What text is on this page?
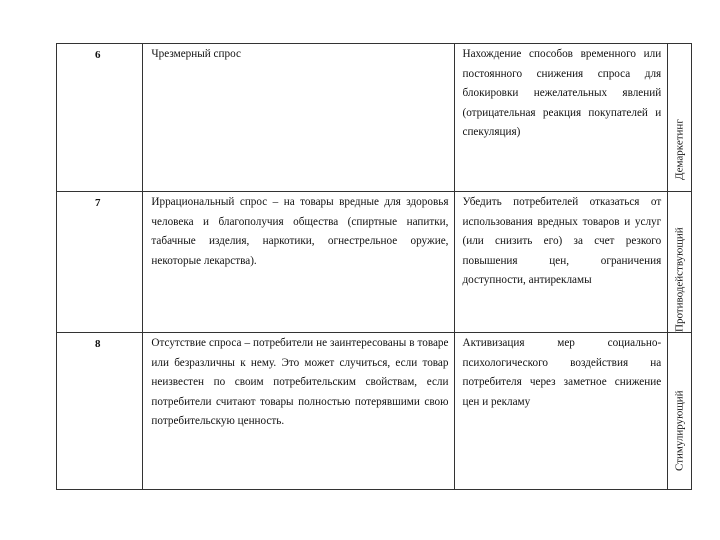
6	Чрезмерный спрос	Нахождение способов временного или постоянного снижения спроса для блокировки нежелательных явлений (отрицательная реакция покупателей и спекуляция)	Демаркетинг

7	Иррациональный спрос – на товары вредные для здоровья человека и благополучия общества (спиртные напитки, табачные изделия, наркотики, огнестрельное оружие, некоторые лекарства).	Убедить потребителей отказаться от использования вредных товаров и услуг (или снизить его) за счет резкого повышения цен, ограничения доступности, антирекламы	Противодействующий

8	Отсутствие спроса – потребители не заинтересованы в товаре или безразличны к нему. Это может случиться, если товар неизвестен по своим потребительским свойствам, если потребители считают товары полностью потерявшими свою потребительскую ценность.	Активизация мер социально-психологического воздействия на потребителя через заметное снижение цен и рекламу	Стимулирующий
